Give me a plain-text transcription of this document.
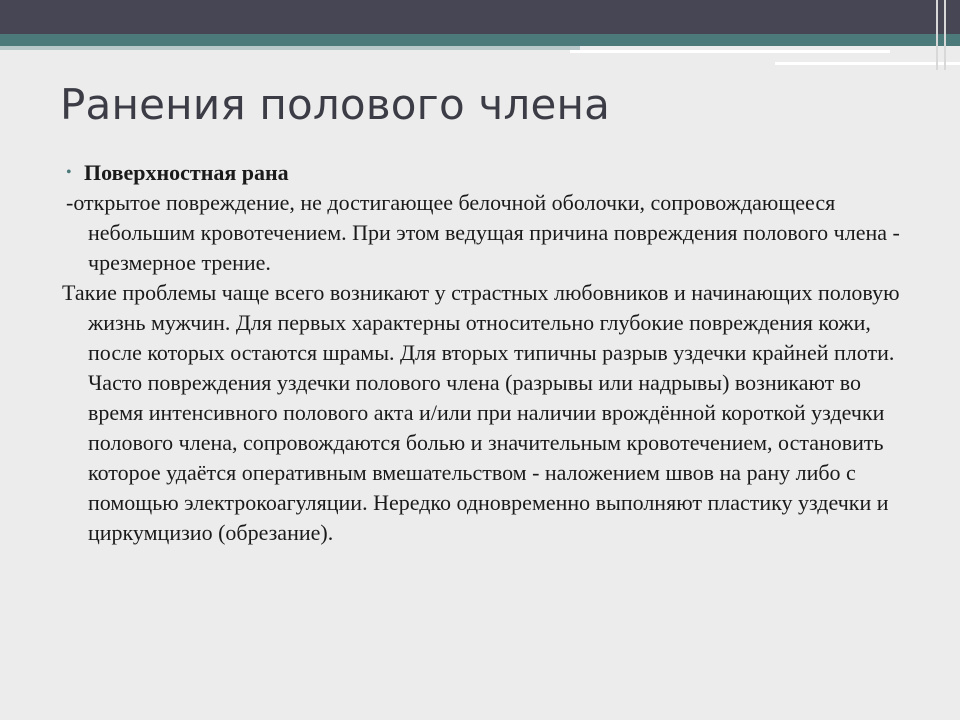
Ранения полового члена

• Поверхностная рана

-открытое повреждение, не достигающее белочной оболочки, сопровождающееся небольшим кровотечением. При этом ведущая причина повреждения полового члена - чрезмерное трение.

Такие проблемы чаще всего возникают у страстных любовников и начинающих половую жизнь мужчин. Для первых характерны относительно глубокие повреждения кожи, после которых остаются шрамы. Для вторых типичны разрыв уздечки крайней плоти. Часто повреждения уздечки полового члена (разрывы или надрывы) возникают во время интенсивного полового акта и/или при наличии врождённой короткой уздечки полового члена, сопровождаются болью и значительным кровотечением, остановить которое удаётся оперативным вмешательством - наложением швов на рану либо с помощью электрокоагуляции. Нередко одновременно выполняют пластику уздечки и циркумцизио (обрезание).
